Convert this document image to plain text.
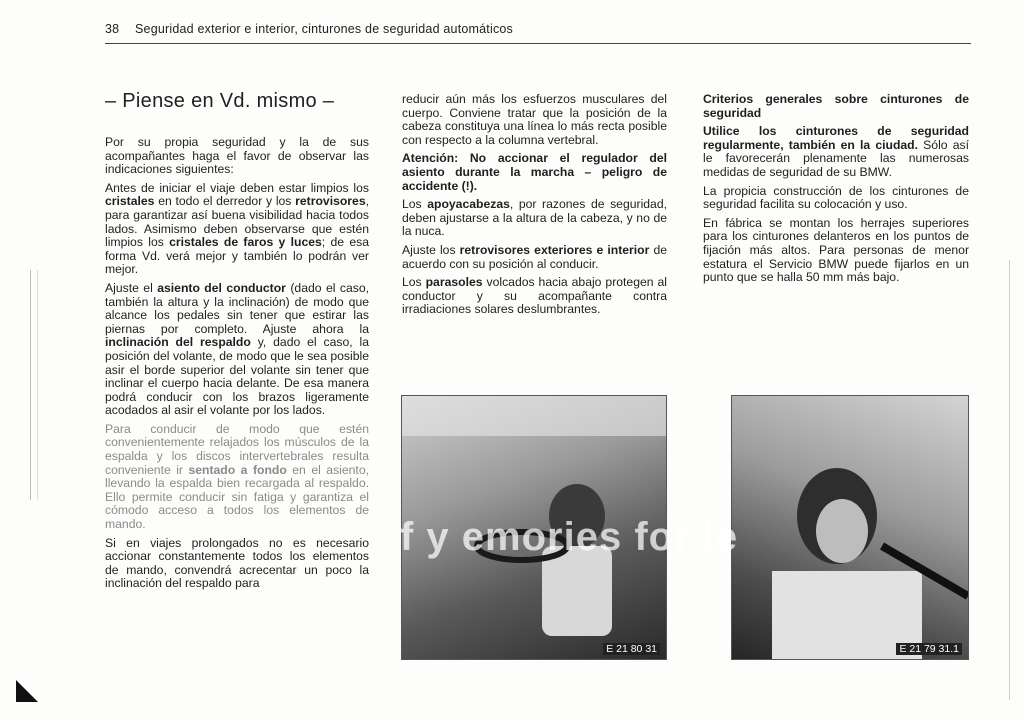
38 Seguridad exterior e interior, cinturones de seguridad automáticos
– Piense en Vd. mismo –

Por su propia seguridad y la de sus acompañantes haga el favor de observar las indicaciones siguientes:

Antes de iniciar el viaje deben estar limpios los cristales en todo el derredor y los retrovisores, para garantizar así buena visibilidad hacia todos lados. Asimismo deben observarse que estén limpios los cristales de faros y luces; de esa forma Vd. verá mejor y también lo podrán ver mejor.

Ajuste el asiento del conductor (dado el caso, también la altura y la inclinación) de modo que alcance los pedales sin tener que estirar las piernas por completo. Ajuste ahora la inclinación del respaldo y, dado el caso, la posición del volante, de modo que le sea posible asir el borde superior del volante sin tener que inclinar el cuerpo hacia delante. De esa manera podrá conducir con los brazos ligeramente acodados al asir el volante por los lados.

Para conducir de modo que estén convenientemente relajados los músculos de la espalda y los discos intervertebrales resulta conveniente ir sentado a fondo en el asiento, llevando la espalda bien recargada al respaldo. Ello permite conducir sin fatiga y garantiza el cómodo acceso a todos los elementos de mando.

Si en viajes prolongados no es necesario accionar constantemente todos los elementos de mando, convendrá acrecentar un poco la inclinación del respaldo para

reducir aún más los esfuerzos musculares del cuerpo. Conviene tratar que la posición de la cabeza constituya una línea lo más recta posible con respecto a la columna vertebral.

Atención: No accionar el regulador del asiento durante la marcha – peligro de accidente (!).

Los apoyacabezas, por razones de seguridad, deben ajustarse a la altura de la cabeza, y no de la nuca.

Ajuste los retrovisores exteriores e interior de acuerdo con su posición al conducir.

Los parasoles volcados hacia abajo protegen al conductor y su acompañante contra irradiaciones solares deslumbrantes.

Criterios generales sobre cinturones de seguridad

Utilice los cinturones de seguridad regularmente, también en la ciudad. Sólo así le favorecerán plenamente las numerosas medidas de seguridad de su BMW.

La propicia construcción de los cinturones de seguridad facilita su colocación y uso.

En fábrica se montan los herrajes superiores para los cinturones delanteros en los puntos de fijación más altos. Para personas de menor estatura el Servicio BMW puede fijarlos en un punto que se halla 50 mm más bajo.

E 21 80 31	E 21 79 31.1
f y emories for le
